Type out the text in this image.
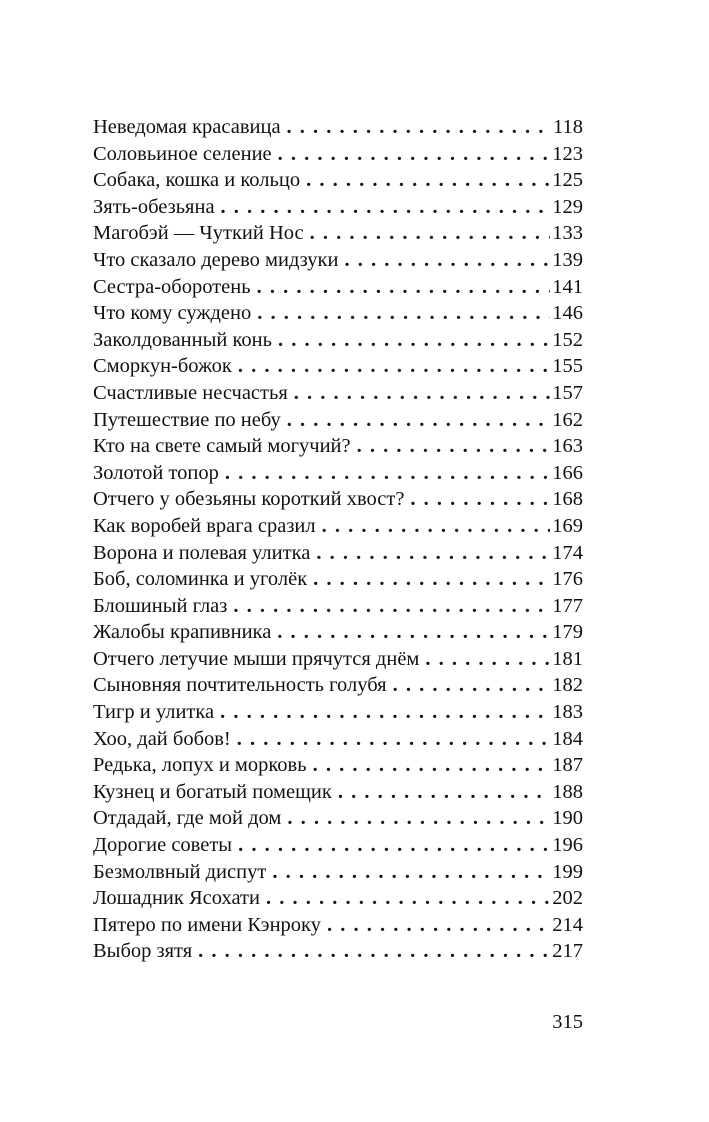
Неведомая красавица . . .	118
Соловьиное селение . . .	123
Собака, кошка и кольцо . . .	125
Зять-обезьяна . . .	129
Магобэй — Чуткий Нос . . .	133
Что сказало дерево мидзуки . . .	139
Сестра-оборотень . . .	141
Что кому суждено . . .	146
Заколдованный конь . . .	152
Сморкун-божок . . .	155
Счастливые несчастья . . .	157
Путешествие по небу . . .	162
Кто на свете самый могучий? . . .	163
Золотой топор . . .	166
Отчего у обезьяны короткий хвост? . . .	168
Как воробей врага сразил . . .	169
Ворона и полевая улитка . . .	174
Боб, соломинка и уголёк . . .	176
Блошиный глаз . . .	177
Жалобы крапивника . . .	179
Отчего летучие мыши прячутся днём . . .	181
Сыновняя почтительность голубя . . .	182
Тигр и улитка . . .	183
Хоо, дай бобов! . . .	184
Редька, лопух и морковь . . .	187
Кузнец и богатый помещик . . .	188
Отдадай, где мой дом . . .	190
Дорогие советы . . .	196
Безмолвный диспут . . .	199
Лошадник Ясохати . . .	202
Пятеро по имени Кэнроку . . .	214
Выбор зятя . . .	217
315
